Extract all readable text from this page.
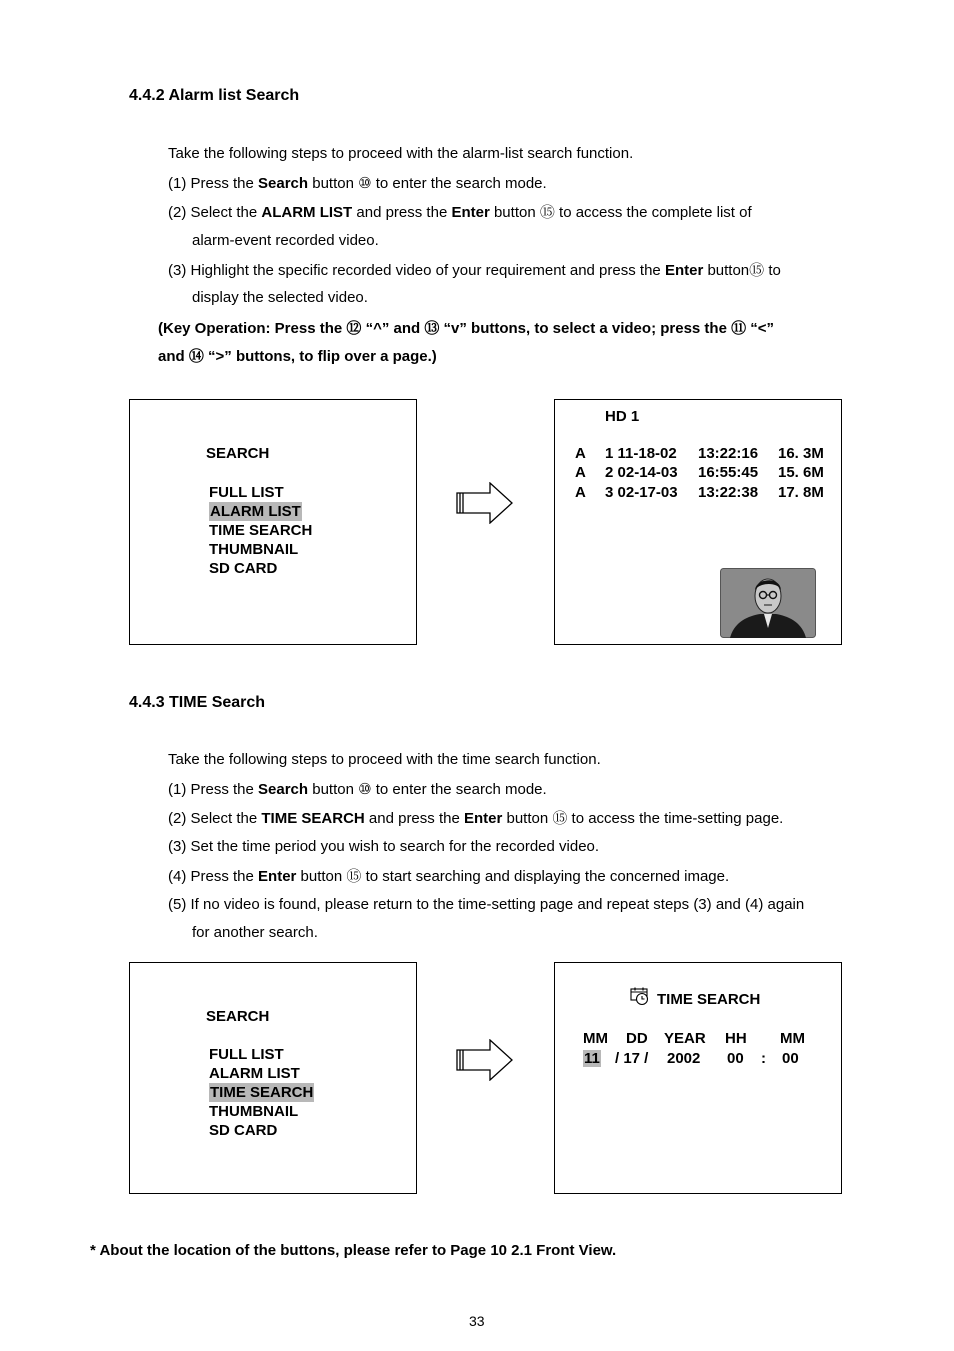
4.4.2 Alarm list Search
Take the following steps to proceed with the alarm-list search function.
(1) Press the Search button ⑩ to enter the search mode.
(2) Select the ALARM LIST and press the Enter button ⑮ to access the complete list of
alarm-event recorded video.
(3) Highlight the specific recorded video of your requirement and press the Enter button⑮ to
display the selected video.
(Key Operation: Press the ⑫ “^” and ⑬ “v” buttons, to select a video; press the ⑪ “<”
and ⑭ “>” buttons, to flip over a page.)
SEARCH
FULL LIST
ALARM LIST
TIME SEARCH
THUMBNAIL
SD CARD
HD 1
A 1 11-18-02 13:22:16 16. 3M
A 2 02-14-03 16:55:45 15. 6M
A 3 02-17-03 13:22:38 17. 8M
4.4.3 TIME Search
Take the following steps to proceed with the time search function.
(1) Press the Search button ⑩ to enter the search mode.
(2) Select the TIME SEARCH and press the Enter button ⑮ to access the time-setting page.
(3) Set the time period you wish to search for the recorded video.
(4) Press the Enter button ⑮ to start searching and displaying the concerned image.
(5) If no video is found, please return to the time-setting page and repeat steps (3) and (4) again
for another search.
SEARCH
FULL LIST
ALARM LIST
TIME SEARCH
THUMBNAIL
SD CARD
TIME SEARCH
MM DD YEAR HH MM
11 / 17 / 2002 00 : 00
* About the location of the buttons, please refer to Page 10 2.1 Front View.
33
